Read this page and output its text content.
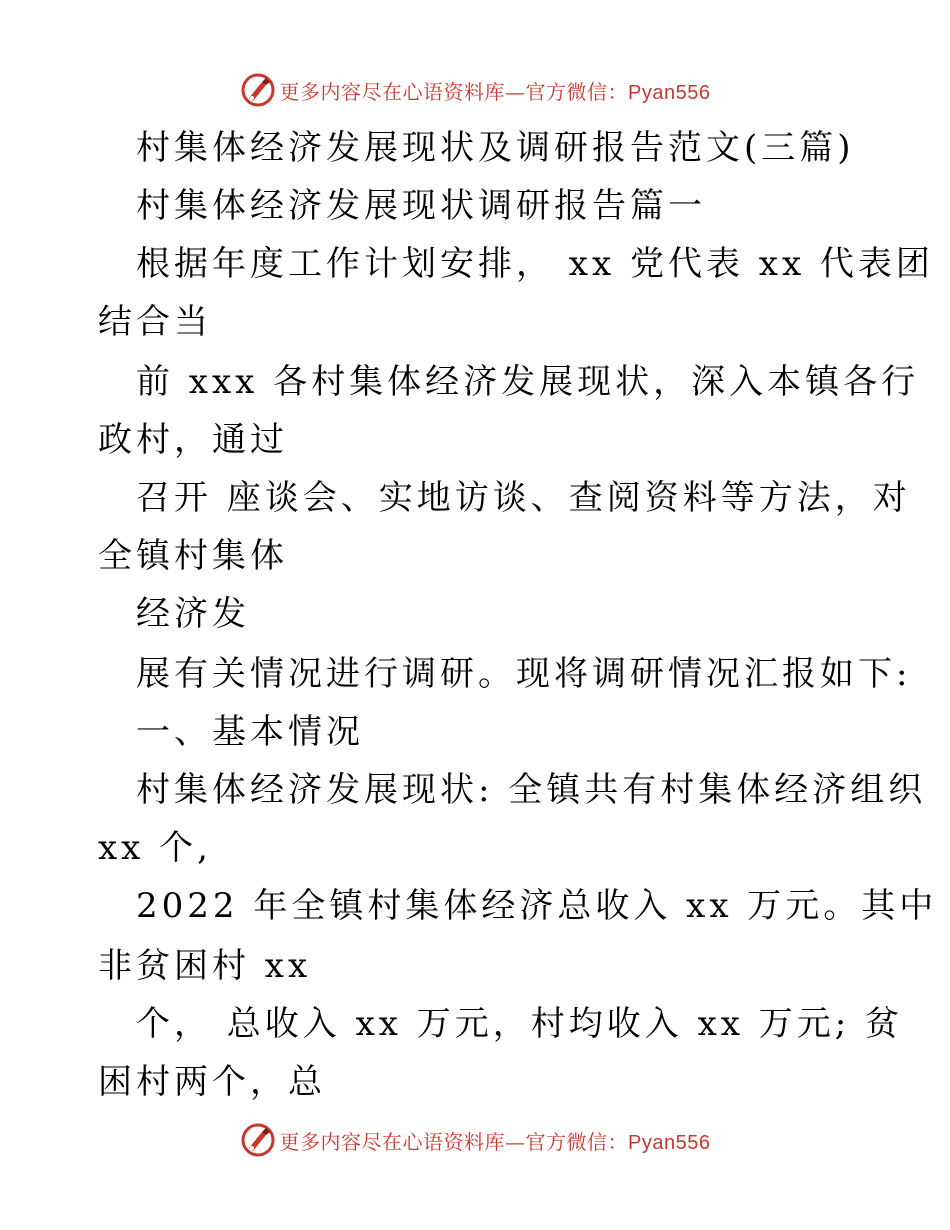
更多内容尽在心语资料库—官方微信：Pyan556
村集体经济发展现状及调研报告范文(三篇)
村集体经济发展现状调研报告篇一
根据年度工作计划安排， xx 党代表 xx 代表团
结合当
前 xxx 各村集体经济发展现状，深入本镇各行
政村，通过
召开 座谈会、实地访谈、查阅资料等方法，对
全镇村集体
经济发
展有关情况进行调研。现将调研情况汇报如下:
一、基本情况
村集体经济发展现状: 全镇共有村集体经济组织
xx 个,
2022 年全镇村集体经济总收入 xx 万元。其中
非贫困村 xx
个， 总收入 xx 万元，村均收入 xx 万元; 贫
困村两个，总
更多内容尽在心语资料库—官方微信：Pyan556
